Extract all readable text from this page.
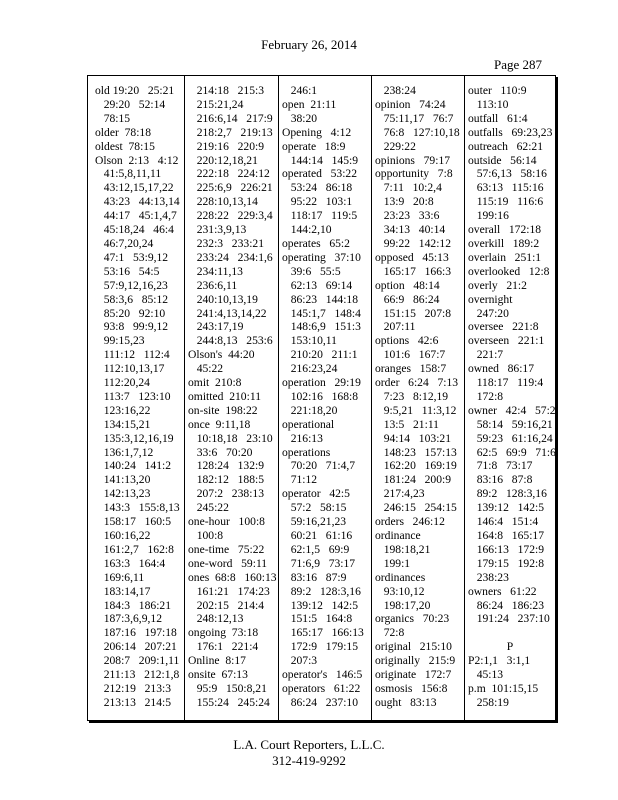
February 26, 2014
Page 287
old 19:20   25:21
29:20   52:14
78:15
older  78:18
oldest  78:15
Olson  2:13   4:12
41:5,8,11,11
43:12,15,17,22
43:23   44:13,14
44:17   45:1,4,7
45:18,24   46:4
46:7,20,24
47:1   53:9,12
53:16   54:5
57:9,12,16,23
58:3,6   85:12
85:20   92:10
93:8   99:9,12
99:15,23
111:12   112:4
112:10,13,17
112:20,24
113:7   123:10
123:16,22
134:15,21
135:3,12,16,19
136:1,7,12
140:24   141:2
141:13,20
142:13,23
143:3   155:8,13
158:17   160:5
160:16,22
161:2,7   162:8
163:3   164:4
169:6,11
183:14,17
184:3   186:21
187:3,6,9,12
187:16   197:18
206:14   207:21
208:7   209:1,11
211:13   212:1,8
212:19   213:3
213:13   214:5
214:18   215:3
215:21,24
216:6,14   217:9
218:2,7   219:13
219:16   220:9
220:12,18,21
222:18   224:12
225:6,9   226:21
228:10,13,14
228:22   229:3,4
231:3,9,13
232:3   233:21
233:24   234:1,6
234:11,13
236:6,11
240:10,13,19
241:4,13,14,22
243:17,19
244:8,13   253:6
Olson's  44:20
45:22
omit  210:8
omitted  210:11
on-site  198:22
once  9:11,18
10:18,18   23:10
33:6   70:20
128:24   132:9
182:12   188:5
207:2   238:13
245:22
one-hour   100:8
100:8
one-time   75:22
one-word   59:11
ones  68:8   160:13
161:21   174:23
202:15   214:4
248:12,13
ongoing  73:18
176:1   221:4
Online  8:17
onsite  67:13
95:9   150:8,21
155:24   245:24
246:1
open  21:11
38:20
Opening   4:12
operate   18:9
144:14   145:9
operated   53:22
53:24   86:18
95:22   103:1
118:17   119:5
144:2,10
operates   65:2
operating   37:10
39:6   55:5
62:13   69:14
86:23   144:18
145:1,7   148:4
148:6,9   151:3
153:10,11
210:20   211:1
216:23,24
operation   29:19
102:16   168:8
221:18,20
operational
216:13
operations
70:20   71:4,7
71:12
operator   42:5
57:2   58:15
59:16,21,23
60:21   61:16
62:1,5   69:9
71:6,9   73:17
83:16   87:9
89:2   128:3,16
139:12   142:5
151:5   164:8
165:17   166:13
172:9   179:15
207:3
operator's   146:5
operators   61:22
86:24   237:10
238:24
opinion   74:24
75:11,17   76:7
76:8   127:10,18
229:22
opinions   79:17
opportunity   7:8
7:11   10:2,4
13:9   20:8
23:23   33:6
34:13   40:14
99:22   142:12
opposed   45:13
165:17   166:3
option   48:14
66:9   86:24
151:15   207:8
207:11
options   42:6
101:6   167:7
oranges   158:7
order   6:24   7:13
7:23   8:12,19
9:5,21   11:3,12
13:5   21:11
94:14   103:21
148:23   157:13
162:20   169:19
181:24   200:9
217:4,23
246:15   254:15
orders   246:12
ordinance
198:18,21
199:1
ordinances
93:10,12
198:17,20
organics   70:23
72:8
original   215:10
originally   215:9
originate   172:7
osmosis   156:8
ought   83:13
outer   110:9
113:10
outfall   61:4
outfalls   69:23,23
outreach   62:21
outside   56:14
57:6,13   58:16
63:13   115:16
115:19   116:6
199:16
overall   172:18
overkill   189:2
overlain   251:1
overlooked   12:8
overly   21:2
overnight
247:20
oversee   221:8
overseen   221:1
221:7
owned   86:17
118:17   119:4
172:8
owner   42:4   57:2
58:14   59:16,21
59:23   61:16,24
62:5   69:9   71:6
71:8   73:17
83:16   87:8
89:2   128:3,16
139:12   142:5
146:4   151:4
164:8   165:17
166:13   172:9
179:15   192:8
238:23
owners   61:22
86:24   186:23
191:24   237:10

P
P2:1,1   3:1,1
45:13
p.m  101:15,15
258:19
L.A. Court Reporters, L.L.C.
312-419-9292
